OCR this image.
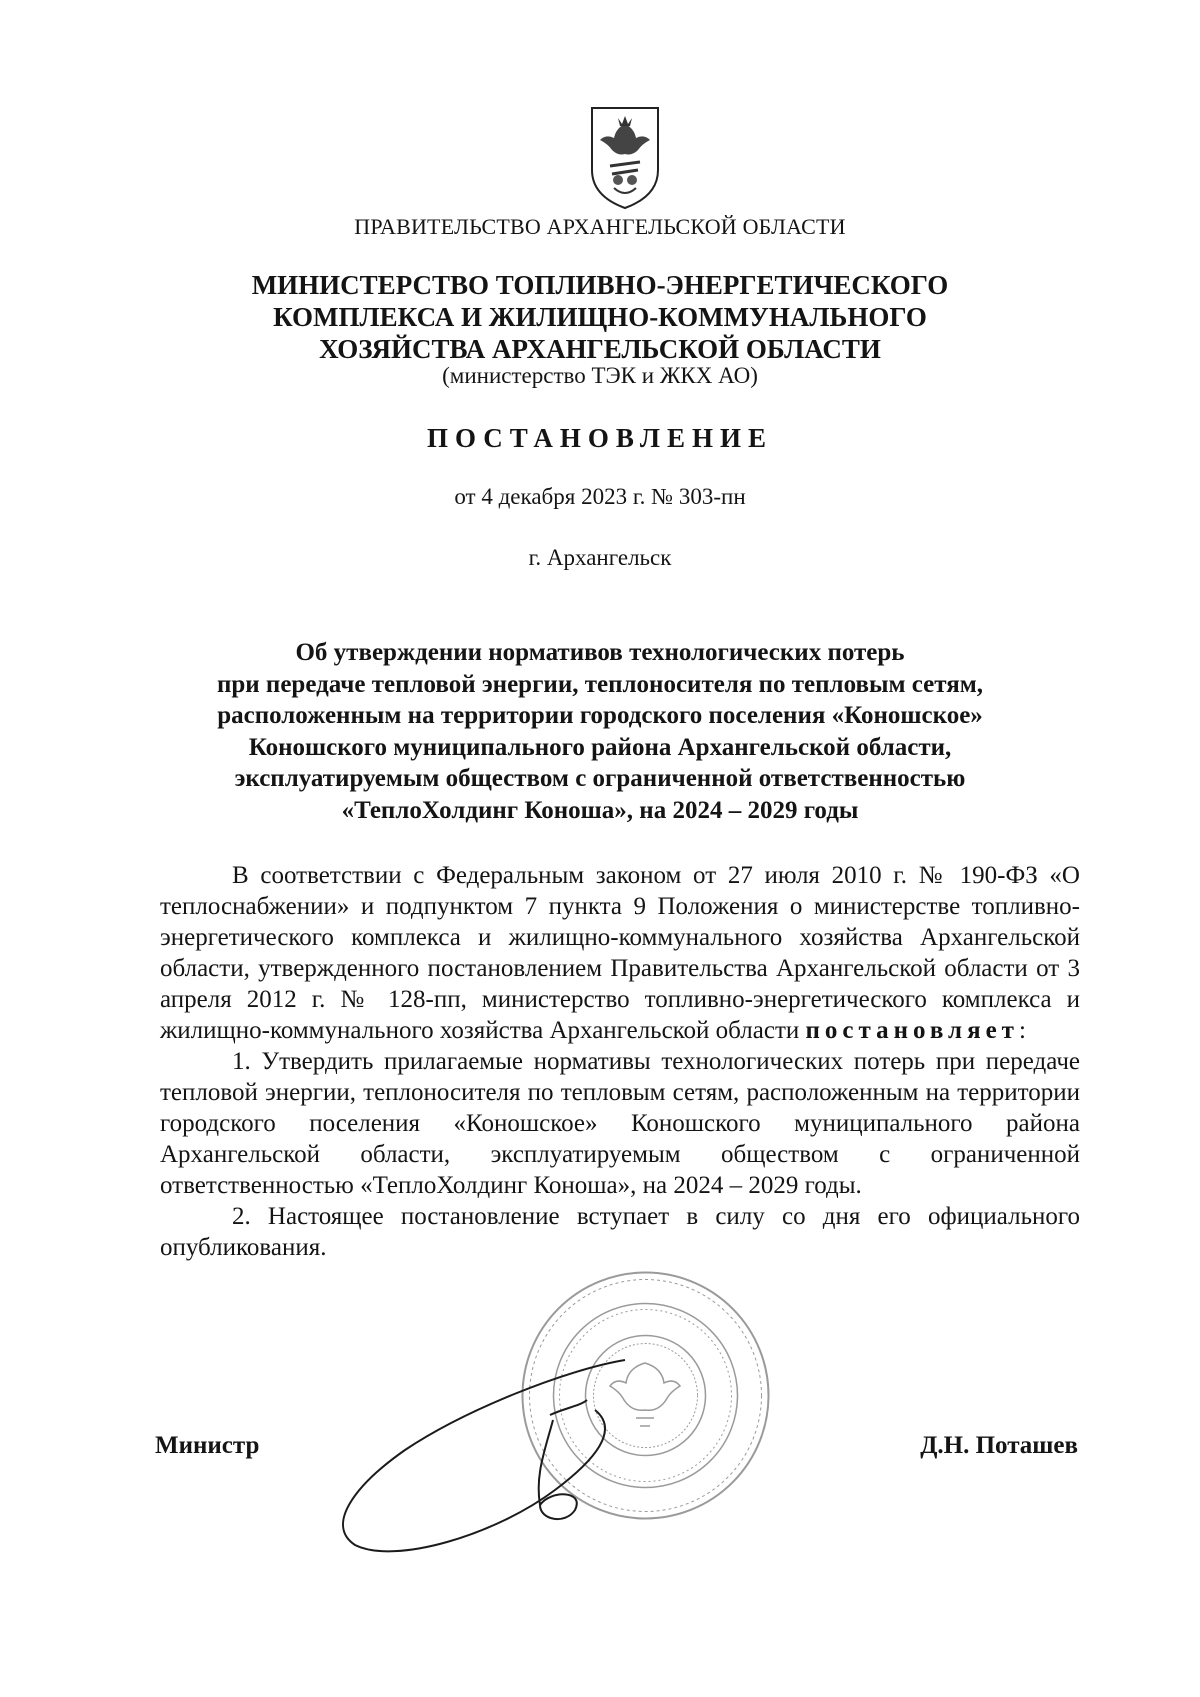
ПРАВИТЕЛЬСТВО АРХАНГЕЛЬСКОЙ ОБЛАСТИ
МИНИСТЕРСТВО ТОПЛИВНО-ЭНЕРГЕТИЧЕСКОГО
КОМПЛЕКСА И ЖИЛИЩНО-КОММУНАЛЬНОГО
ХОЗЯЙСТВА АРХАНГЕЛЬСКОЙ ОБЛАСТИ
(министерство ТЭК и ЖКХ АО)
ПОСТАНОВЛЕНИЕ
от 4 декабря 2023 г. № 303-пн
г. Архангельск
Об утверждении нормативов технологических потерь
при передаче тепловой энергии, теплоносителя по тепловым сетям,
расположенным на территории городского поселения «Коношское»
Коношского муниципального района Архангельской области,
эксплуатируемым обществом с ограниченной ответственностью
«ТеплоХолдинг Коноша», на 2024 – 2029 годы

В соответствии с Федеральным законом от 27 июля 2010 г. № 190-ФЗ «О теплоснабжении» и подпунктом 7 пункта 9 Положения о министерстве топливно-энергетического комплекса и жилищно-коммунального хозяйства Архангельской области, утвержденного постановлением Правительства Архангельской области от 3 апреля 2012 г. № 128-пп, министерство топливно-энергетического комплекса и жилищно-коммунального хозяйства Архангельской области постановляет:

1. Утвердить прилагаемые нормативы технологических потерь при передаче тепловой энергии, теплоносителя по тепловым сетям, расположенным на территории городского поселения «Коношское» Коношского муниципального района Архангельской области, эксплуатируемым обществом с ограниченной ответственностью «ТеплоХолдинг Коноша», на 2024 – 2029 годы.

2. Настоящее постановление вступает в силу со дня его официального опубликования.

Министр	Д.Н. Поташев
